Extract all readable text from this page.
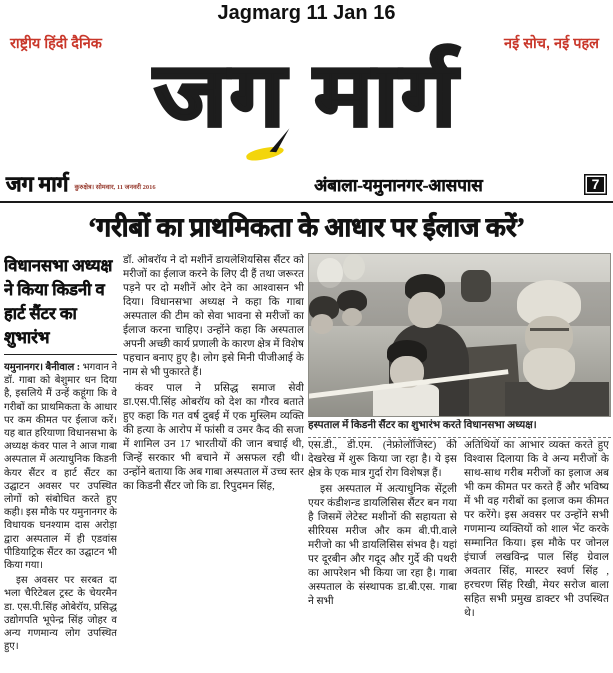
Jagmarg 11 Jan 16
राष्ट्रीय हिंदी दैनिक	नई सोच, नई पहल
जग मार्ग
जग मार्ग कुरुक्षेत्र। सोमवार, 11 जनवरी 2016	अंबाला-यमुनानगर-आसपास	7
‘गरीबों का प्राथमिकता के आधार पर ईलाज करें’
विधानसभा अध्यक्ष ने किया किडनी व हार्ट सैंटर का शुभारंभ

यमुनानगर। बैनीवाल : भगवान ने डॉ. गाबा को बेशुमार धन दिया है, इसलिये मैं उन्हें कहूंगा कि वे गरीबों का प्राथमिकता के आधार पर कम कीमत पर ईलाज करें। यह बात हरियाणा विधानसभा के अध्यक्ष कंवर पाल ने आज गाबा अस्पताल में अत्याधुनिक किडनी केयर सैंटर व हार्ट सैंटर का उद्घाटन अवसर पर उपस्थित लोगों को संबोधित करते हुए कही। इस मौके पर यमुनानगर के विधायक घनश्याम दास अरोड़ा द्वारा अस्पताल में ही एडवांस पीडियाट्रिक सैंटर का उद्घाटन भी किया गया।

इस अवसर पर सरबत दा भला चैरिटेबल ट्रस्ट के चेयरमैन डा. एस.पी.सिंह ओबेरॉय, प्रसिद्ध उद्योगपति भूपेन्द्र सिंह जोहर व अन्य गणमान्य लोग उपस्थित हुए।

डॉ. ओबरॉय ने दो मशीनें डायलेशियसिस सैंटर को मरीजों का ईलाज करने के लिए दी हैं तथा जरूरत पड़ने पर दो मशीनें ओर देने का आश्वासन भी दिया। विधानसभा अध्यक्ष ने कहा कि गाबा अस्पताल की टीम को सेवा भावना से मरीजों का ईलाज करना चाहिए। उन्होंने कहा कि अस्पताल अपनी अच्छी कार्य प्रणाली के कारण क्षेत्र में विशेष पहचान बनाए हुए है। लोग इसे मिनी पीजीआई के नाम से भी पुकारते हैं।

कंवर पाल ने प्रसिद्ध समाज सेवी डा.एस.पी.सिंह ओबरॉय को देश का गौरव बताते हुए कहा कि गत वर्ष दुबई में एक मुस्लिम व्यक्ति की हत्या के आरोप में फांसी व उमर कैद की सजा में शामिल उन 17 भारतीयों की जान बचाई थी, जिन्हें सरकार भी बचाने में असफल रही थी। उन्होंने बताया कि अब गाबा अस्पताल में उच्च स्तर का किडनी सैंटर जो कि डा. रिपुदमन सिंह,

हस्पताल में किडनी सैंटर का शुभारंभ करते विधानसभा अध्यक्ष।

एस.डी., डी.एम. (नेफ्रोलॉजिस्ट) की देखरेख में शुरू किया जा रहा है। ये इस क्षेत्र के एक मात्र गुर्दा रोग विशेषज्ञ हैं।

इस अस्पताल में अत्याधुनिक सेंट्रली एयर कंडीशन्ड डायलिसिस सैंटर बन गया है जिसमें लेटेस्ट मशीनों की सहायता से सीरियस मरीज और कम बी.पी.वाले मरीजो का भी डायलिसिस संभव है। यहां पर दूरबीन और गदूद और गुर्दे की पथरी का आपरेशन भी किया जा रहा है। गाबा अस्पताल के संस्थापक डा.बी.एस. गाबा ने सभी

अतिथियों का आभार व्यक्त करते हुए विश्वास दिलाया कि वे अन्य मरीजों के साथ-साथ गरीब मरीजों का इलाज अब भी कम कीमत पर करते हैं और भविष्य में भी वह गरीबों का इलाज कम कीमत पर करेंगे। इस अवसर पर उन्होंने सभी गणमान्य व्यक्तियों को शाल भेंट करके सम्मानित किया। इस मौके पर जोनल इंचार्ज लखविन्द्र पाल सिंह ग्रेवाल अवतार सिंह, मास्टर स्वर्ण सिंह , हरचरण सिंह रिखी, मेयर सरोज बाला सहित सभी प्रमुख डाक्टर भी उपस्थित थे।
